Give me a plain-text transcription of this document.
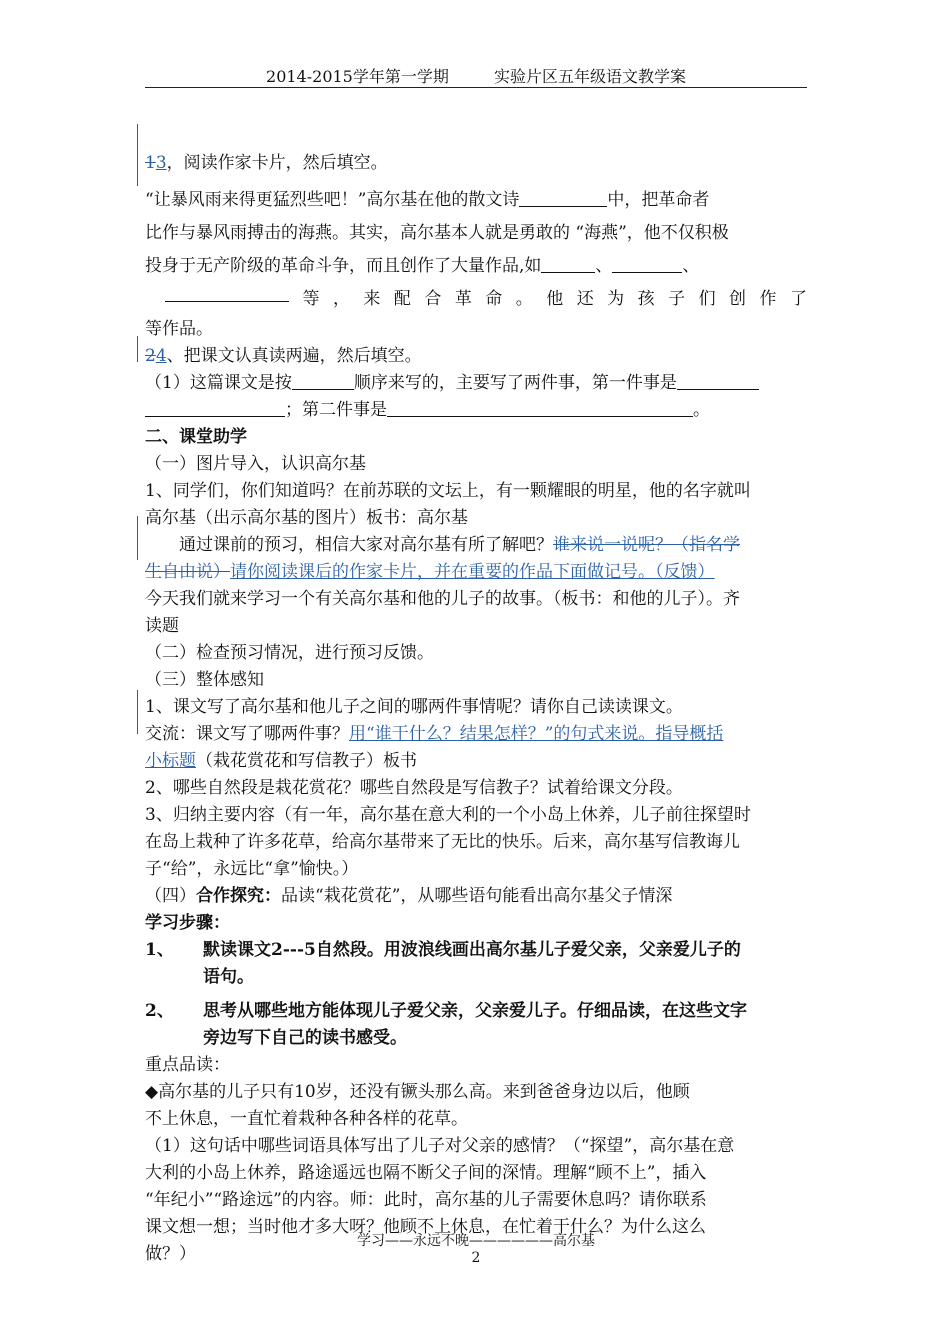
2014-2015学年第一学期	实验片区五年级语文教学案
13，阅读作家卡片，然后填空。
“让暴风雨来得更猛烈些吧！”高尔基在他的散文诗	中，把革命者
比作与暴风雨搏击的海燕。其实，高尔基本人就是勇敢的 “海燕”，他不仅积极
投身于无产阶级的革命斗争，而且创作了大量作品,如	、	、
等 ， 来 配 合 革 命 。 他 还 为 孩 子 们 创 作 了
等作品。
24、把课文认真读两遍，然后填空。
（1）这篇课文是按	顺序来写的，主要写了两件事，第一件事是
；第二件事是	。
二、课堂助学
（一）图片导入，认识高尔基
1、同学们，你们知道吗？在前苏联的文坛上，有一颗耀眼的明星，他的名字就叫
高尔基（出示高尔基的图片）板书：高尔基
通过课前的预习，相信大家对高尔基有所了解吧？谁来说一说呢？（指名学
生自由说）请你阅读课后的作家卡片，并在重要的作品下面做记号。（反馈）
今天我们就来学习一个有关高尔基和他的儿子的故事。（板书：和他的儿子）。齐
读题
（二）检查预习情况，进行预习反馈。
（三）整体感知
1、课文写了高尔基和他儿子之间的哪两件事情呢？请你自己读读课文。
交流：课文写了哪两件事？用“谁干什么？结果怎样？”的句式来说。指导概括
小标题（栽花赏花和写信教子）板书
2、哪些自然段是栽花赏花？哪些自然段是写信教子？试着给课文分段。
3、归纳主要内容（有一年，高尔基在意大利的一个小岛上休养，儿子前往探望时
在岛上栽种了许多花草，给高尔基带来了无比的快乐。后来，高尔基写信教诲儿
子“给”，永远比“拿”愉快。）
（四）合作探究：品读“栽花赏花”，从哪些语句能看出高尔基父子情深
学习步骤：
1、	默读课文2---5自然段。用波浪线画出高尔基儿子爱父亲，父亲爱儿子的
语句。
2、	思考从哪些地方能体现儿子爱父亲，父亲爱儿子。仔细品读，在这些文字
旁边写下自己的读书感受。
重点品读：
◆高尔基的儿子只有10岁，还没有镢头那么高。来到爸爸身边以后，他顾
不上休息，一直忙着栽种各种各样的花草。
（1）这句话中哪些词语具体写出了儿子对父亲的感情？（“探望”，高尔基在意
大利的小岛上休养，路途遥远也隔不断父子间的深情。理解“顾不上”，插入
“年纪小”“路途远”的内容。师：此时，高尔基的儿子需要休息吗？请你联系
课文想一想；当时他才多大呀？他顾不上休息，在忙着干什么？为什么这么
做？）
学习——永远不晚——————高尔基
2
